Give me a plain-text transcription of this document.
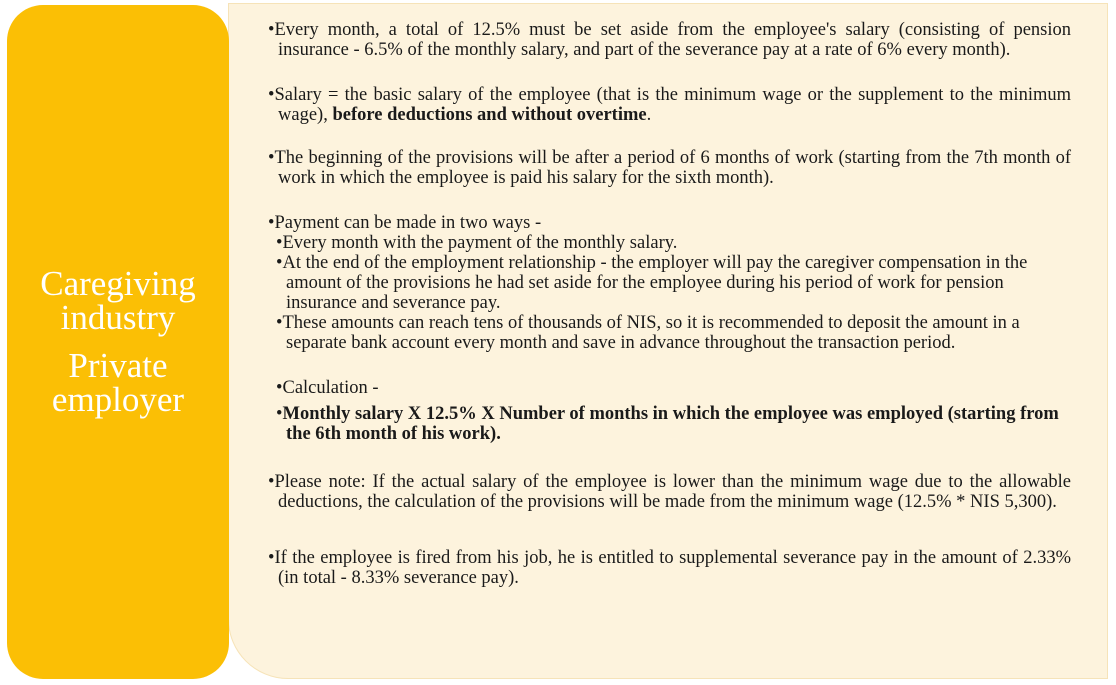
Caregiving
industry
Private
employer

•Every month, a total of 12.5% must be set aside from the employee's salary (consisting of pension insurance - 6.5% of the monthly salary, and part of the severance pay at a rate of 6% every month).

•Salary = the basic salary of the employee (that is the minimum wage or the supplement to the minimum wage), before deductions and without overtime.

•The beginning of the provisions will be after a period of 6 months of work (starting from the 7th month of work in which the employee is paid his salary for the sixth month).

•Payment can be made in two ways -

•Every month with the payment of the monthly salary.

•At the end of the employment relationship - the employer will pay the caregiver compensation in the amount of the provisions he had set aside for the employee during his period of work for pension insurance and severance pay.

•These amounts can reach tens of thousands of NIS, so it is recommended to deposit the amount in a separate bank account every month and save in advance throughout the transaction period.

•Calculation -

•Monthly salary X 12.5% X Number of months in which the employee was employed (starting from the 6th month of his work).

•Please note: If the actual salary of the employee is lower than the minimum wage due to the allowable deductions, the calculation of the provisions will be made from the minimum wage (12.5% * NIS 5,300).

•If the employee is fired from his job, he is entitled to supplemental severance pay in the amount of 2.33% (in total - 8.33% severance pay).
